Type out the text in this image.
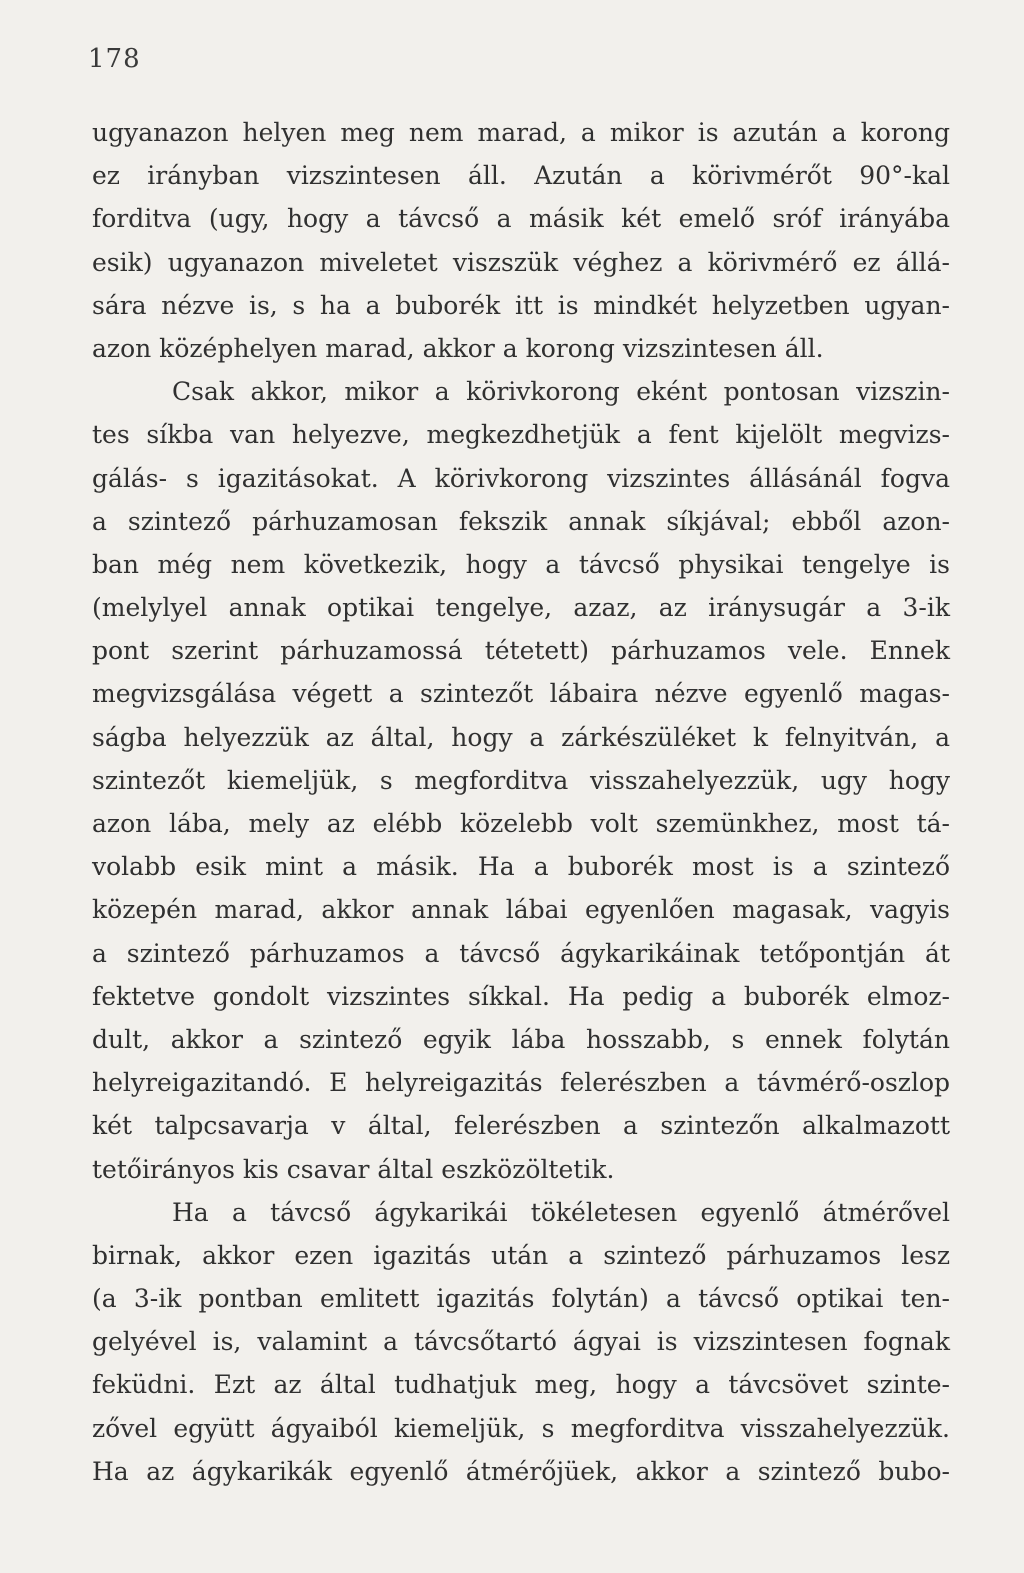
178
ugyanazon helyen meg nem marad, a mikor is azután a korong
ez irányban vizszintesen áll. Azután a körivmérőt 90°-kal
forditva (ugy, hogy a távcső a másik két emelő sróf irányába
esik) ugyanazon miveletet viszszük véghez a körivmérő ez állá-
sára nézve is, s ha a buborék itt is mindkét helyzetben ugyan-
azon középhelyen marad, akkor a korong vizszintesen áll.
Csak akkor, mikor a körivkorong eként pontosan vizszin-
tes síkba van helyezve, megkezdhetjük a fent kijelölt megvizs-
gálás- s igazitásokat. A körivkorong vizszintes állásánál fogva
a szintező párhuzamosan fekszik annak síkjával; ebből azon-
ban még nem következik, hogy a távcső physikai tengelye is
(melylyel annak optikai tengelye, azaz, az iránysugár a 3-ik
pont szerint párhuzamossá tétetett) párhuzamos vele. Ennek
megvizsgálása végett a szintezőt lábaira nézve egyenlő magas-
ságba helyezzük az által, hogy a zárkészüléket k felnyitván, a
szintezőt kiemeljük, s megforditva visszahelyezzük, ugy hogy
azon lába, mely az elébb közelebb volt szemünkhez, most tá-
volabb esik mint a másik. Ha a buborék most is a szintező
közepén marad, akkor annak lábai egyenlően magasak, vagyis
a szintező párhuzamos a távcső ágykarikáinak tetőpontján át
fektetve gondolt vizszintes síkkal. Ha pedig a buborék elmoz-
dult, akkor a szintező egyik lába hosszabb, s ennek folytán
helyreigazitandó. E helyreigazitás felerészben a távmérő-oszlop
két talpcsavarja v által, felerészben a szintezőn alkalmazott
tetőirányos kis csavar által eszközöltetik.
Ha a távcső ágykarikái tökéletesen egyenlő átmérővel
birnak, akkor ezen igazitás után a szintező párhuzamos lesz
(a 3-ik pontban emlitett igazitás folytán) a távcső optikai ten-
gelyével is, valamint a távcsőtartó ágyai is vizszintesen fognak
feküdni. Ezt az által tudhatjuk meg, hogy a távcsövet szinte-
zővel együtt ágyaiból kiemeljük, s megforditva visszahelyezzük.
Ha az ágykarikák egyenlő átmérőjüek, akkor a szintező bubo-
